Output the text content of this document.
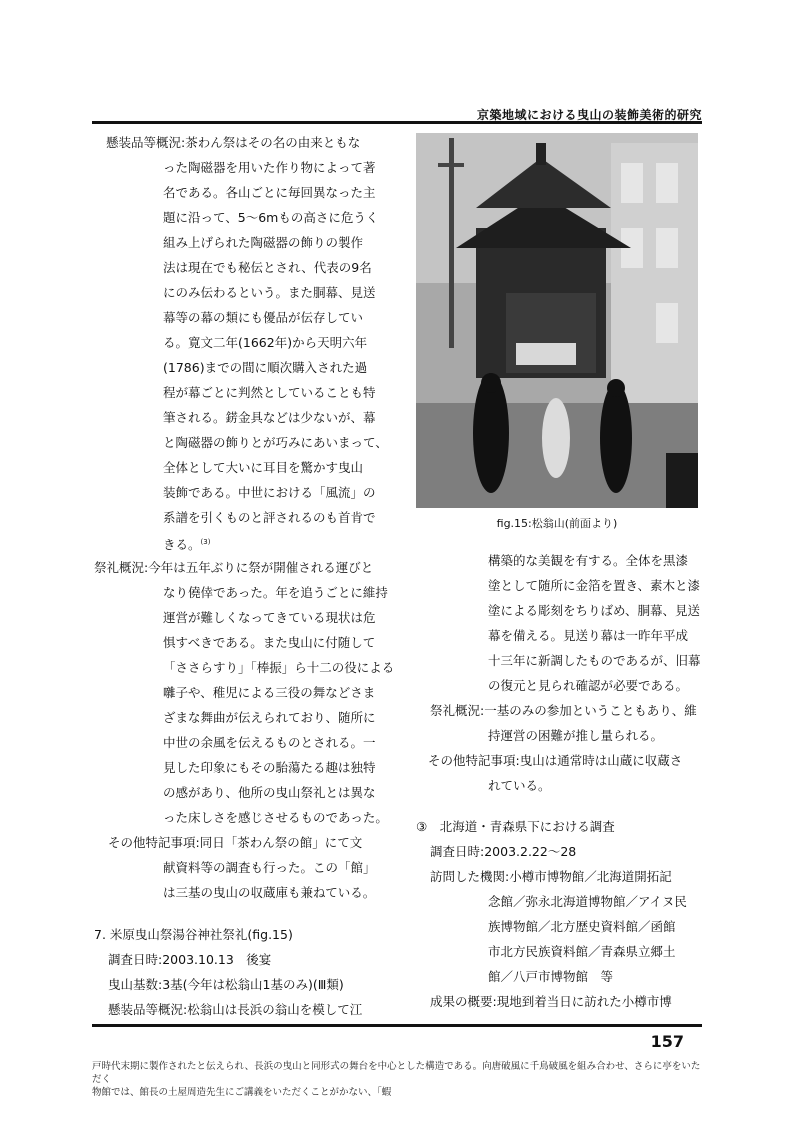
京築地域における曳山の装飾美術的研究
懸装品等概況:茶わん祭はその名の由来ともな
った陶磁器を用いた作り物によって著
名である。各山ごとに毎回異なった主
題に沿って、5〜6mもの高さに危うく
組み上げられた陶磁器の飾りの製作
法は現在でも秘伝とされ、代表の9名
にのみ伝わるという。また胴幕、見送
幕等の幕の類にも優品が伝存してい
る。寛文二年(1662年)から天明六年
(1786)までの間に順次購入された過
程が幕ごとに判然としていることも特
筆される。錺金具などは少ないが、幕
と陶磁器の飾りとが巧みにあいまって、
全体として大いに耳目を驚かす曳山
装飾である。中世における「風流」の
系譜を引くものと評されるのも首肯で
きる。$^{(3)}$
祭礼概況:今年は五年ぶりに祭が開催される運びと
なり僥倖であった。年を追うごとに維持
運営が難しくなってきている現状は危
惧すべきである。また曳山に付随して
「ささらすり」「棒振」ら十二の役による
囃子や、稚児による三役の舞などさま
ざまな舞曲が伝えられており、随所に
中世の余風を伝えるものとされる。一
見した印象にもその駘蕩たる趣は独特
の感があり、他所の曳山祭礼とは異な
った床しさを感じさせるものであった。
その他特記事項:同日「茶わん祭の館」にて文
献資料等の調査も行った。この「館」
は三基の曳山の収蔵庫も兼ねている。
7. 米原曳山祭湯谷神社祭礼(fig.15)
調査日時:2003.10.13　後宴
曳山基数:3基(今年は松翁山1基のみ)(Ⅲ類)
懸装品等概況:松翁山は長浜の翁山を模して江
fig.15:松翁山(前面より)
構築的な美観を有する。全体を黒漆
塗として随所に金箔を置き、素木と漆
塗による彫刻をちりばめ、胴幕、見送
幕を備える。見送り幕は一昨年平成
十三年に新調したものであるが、旧幕
の復元と見られ確認が必要である。
祭礼概況:一基のみの参加ということもあり、維
持運営の困難が推し量られる。
その他特記事項:曳山は通常時は山蔵に収蔵さ
れている。
③　北海道・青森県下における調査
調査日時:2003.2.22〜28
訪問した機関:小樽市博物館／北海道開拓記
念館／弥永北海道博物館／アイヌ民
族博物館／北方歴史資料館／函館
市北方民族資料館／青森県立郷土
館／八戸市博物館　等
成果の概要:現地到着当日に訪れた小樽市博
157
戸時代末期に製作されたと伝えられ、長浜の曳山と同形式の舞台を中心とした構造である。向唐破風に千鳥破風を組み合わせ、さらに亭をいただく
物館では、館長の土屋周造先生にご講義をいただくことがかない、「蝦
